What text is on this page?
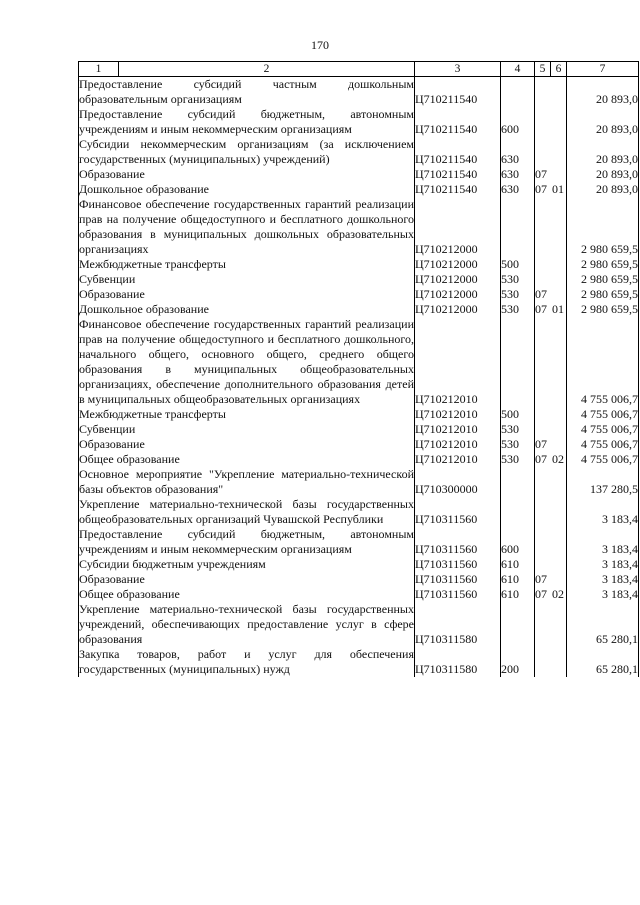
170
1	2	3	4	5	6	7
Предоставление субсидий частным дошкольным образовательным организациям		Ц710211540				20 893,0
Предоставление субсидий бюджетным, автономным учреждениям и иным некоммерческим организациям		Ц710211540	600			20 893,0
Субсидии некоммерческим организациям (за исключением государственных (муниципальных) учреждений)		Ц710211540	630			20 893,0
Образование		Ц710211540	630	07		20 893,0
Дошкольное образование		Ц710211540	630	07 01		20 893,0
Финансовое обеспечение государственных гарантий реализации прав на получение общедоступного и бесплатного дошкольного образования в муниципальных дошкольных образовательных организациях		Ц710212000				2 980 659,5
Межбюджетные трансферты		Ц710212000	500			2 980 659,5
Субвенции		Ц710212000	530			2 980 659,5
Образование		Ц710212000	530	07		2 980 659,5
Дошкольное образование		Ц710212000	530	07 01		2 980 659,5
Финансовое обеспечение государственных гарантий реализации прав на получение общедоступного и бесплатного дошкольного, начального общего, основного общего, среднего общего образования в муниципальных общеобразовательных организациях, обеспечение дополнительного образования детей в муниципальных общеобразовательных организациях		Ц710212010				4 755 006,7
Межбюджетные трансферты		Ц710212010	500			4 755 006,7
Субвенции		Ц710212010	530			4 755 006,7
Образование		Ц710212010	530	07		4 755 006,7
Общее образование		Ц710212010	530	07 02		4 755 006,7
Основное мероприятие "Укрепление материально-технической базы объектов образования"		Ц710300000				137 280,5
Укрепление материально-технической базы государственных общеобразовательных организаций Чувашской Республики		Ц710311560				3 183,4
Предоставление субсидий бюджетным, автономным учреждениям и иным некоммерческим организациям		Ц710311560	600			3 183,4
Субсидии бюджетным учреждениям		Ц710311560	610			3 183,4
Образование		Ц710311560	610	07		3 183,4
Общее образование		Ц710311560	610	07 02		3 183,4
Укрепление материально-технической базы государственных учреждений, обеспечивающих предоставление услуг в сфере образования		Ц710311580				65 280,1
Закупка товаров, работ и услуг для обеспечения государственных (муниципальных) нужд		Ц710311580	200			65 280,1
